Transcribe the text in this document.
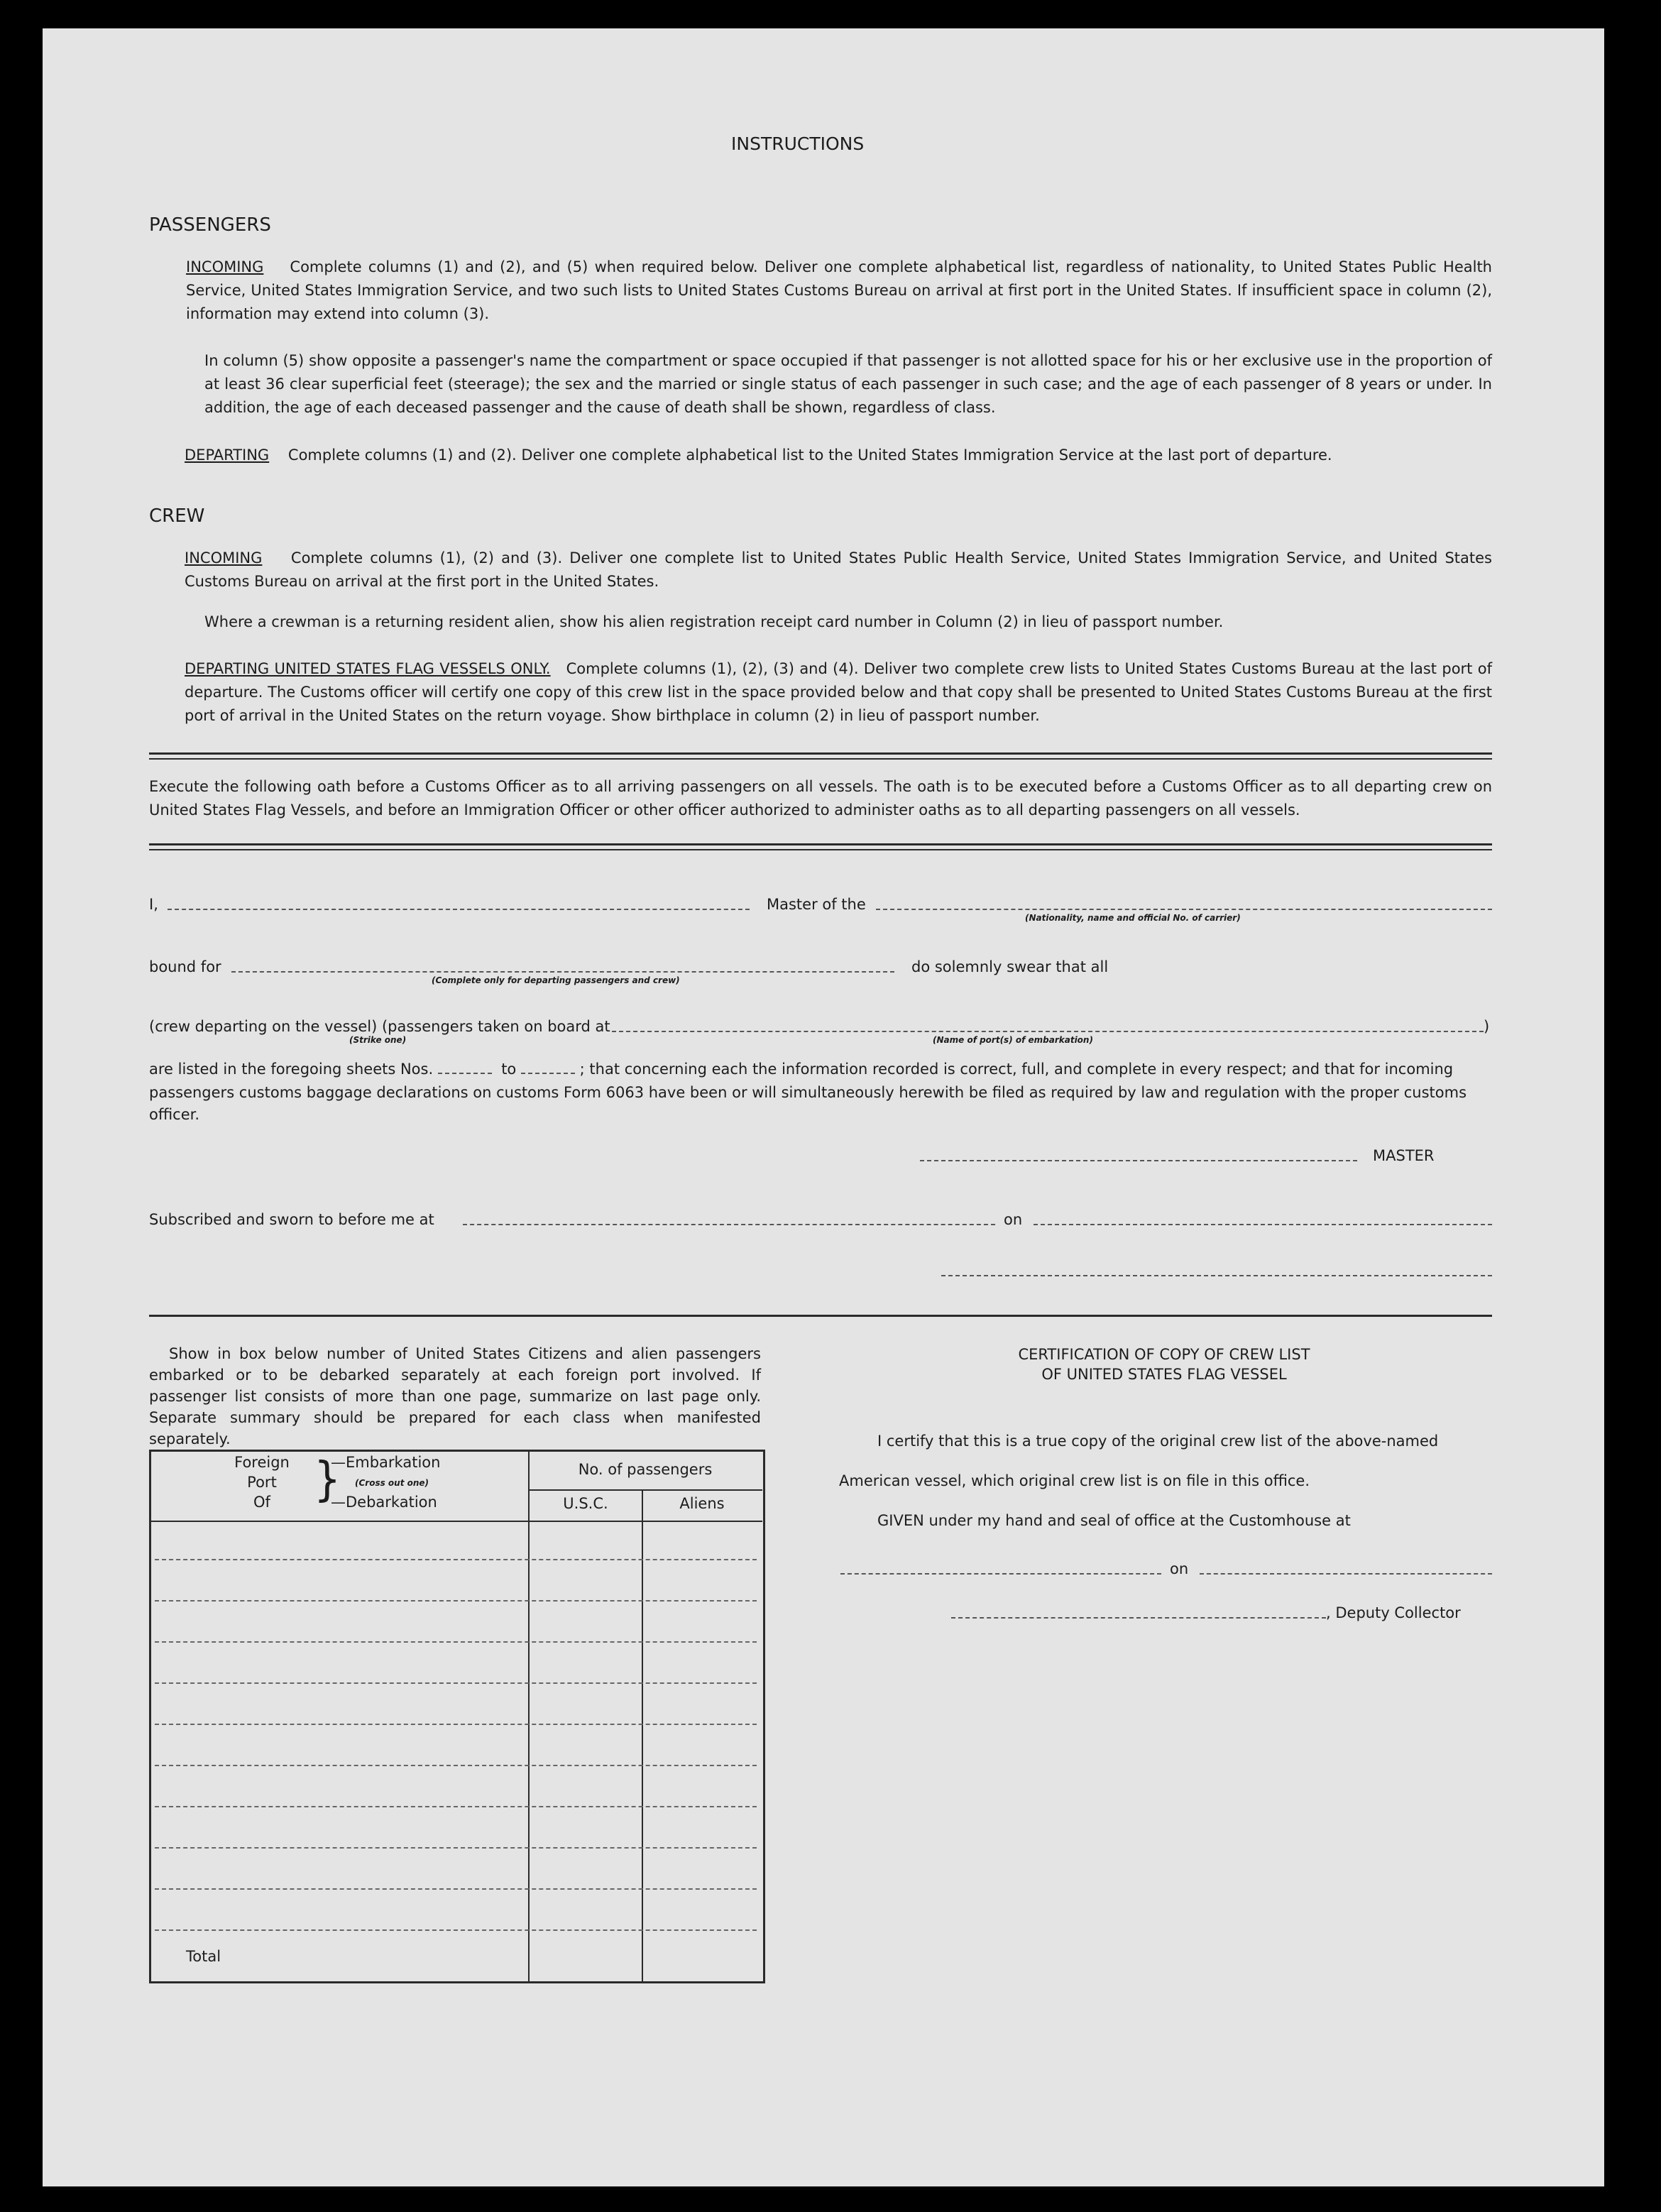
INSTRUCTIONS
PASSENGERS
INCOMING Complete columns (1) and (2), and (5) when required below. Deliver one complete alphabetical list, regardless of nationality, to United States Public Health Service, United States Immigration Service, and two such lists to United States Customs Bureau on arrival at first port in the United States. If insufficient space in column (2), information may extend into column (3).
In column (5) show opposite a passenger's name the compartment or space occupied if that passenger is not allotted space for his or her exclusive use in the proportion of at least 36 clear superficial feet (steerage); the sex and the married or single status of each passenger in such case; and the age of each passenger of 8 years or under. In addition, the age of each deceased passenger and the cause of death shall be shown, regardless of class.
DEPARTING Complete columns (1) and (2). Deliver one complete alphabetical list to the United States Immigration Service at the last port of departure.
CREW
INCOMING Complete columns (1), (2) and (3). Deliver one complete list to United States Public Health Service, United States Immigration Service, and United States Customs Bureau on arrival at the first port in the United States.
Where a crewman is a returning resident alien, show his alien registration receipt card number in Column (2) in lieu of passport number.
DEPARTING UNITED STATES FLAG VESSELS ONLY. Complete columns (1), (2), (3) and (4). Deliver two complete crew lists to United States Customs Bureau at the last port of departure. The Customs officer will certify one copy of this crew list in the space provided below and that copy shall be presented to United States Customs Bureau at the first port of arrival in the United States on the return voyage. Show birthplace in column (2) in lieu of passport number.
Execute the following oath before a Customs Officer as to all arriving passengers on all vessels. The oath is to be executed before a Customs Officer as to all departing crew on United States Flag Vessels, and before an Immigration Officer or other officer authorized to administer oaths as to all departing passengers on all vessels.
I,	Master of the
(Nationality, name and official No. of carrier)
bound for
(Complete only for departing passengers and crew)
do solemnly swear that all
(crew departing on the vessel) (passengers taken on board at	)
(Strike one)	(Name of port(s) of embarkation)
are listed in the foregoing sheets Nos.	to	; that concerning each the information recorded is correct, full, and complete in every respect; and that for incoming
passengers customs baggage declarations on customs Form 6063 have been or will simultaneously herewith be filed as required by law and regulation with the proper customs
officer.
MASTER
Subscribed and sworn to before me at	on
Show in box below number of United States Citizens and alien passengers embarked or to be debarked separately at each foreign port involved. If passenger list consists of more than one page, summarize on last page only. Separate summary should be prepared for each class when manifested separately.
Foreign
Port
Of	}
—Embarkation
(Cross out one)
—Debarkation
No. of passengers
U.S.C.	Aliens
Total
CERTIFICATION OF COPY OF CREW LIST
OF UNITED STATES FLAG VESSEL
I certify that this is a true copy of the original crew list of the above-named
American vessel, which original crew list is on file in this office.
GIVEN under my hand and seal of office at the Customhouse at
on
, Deputy Collector
